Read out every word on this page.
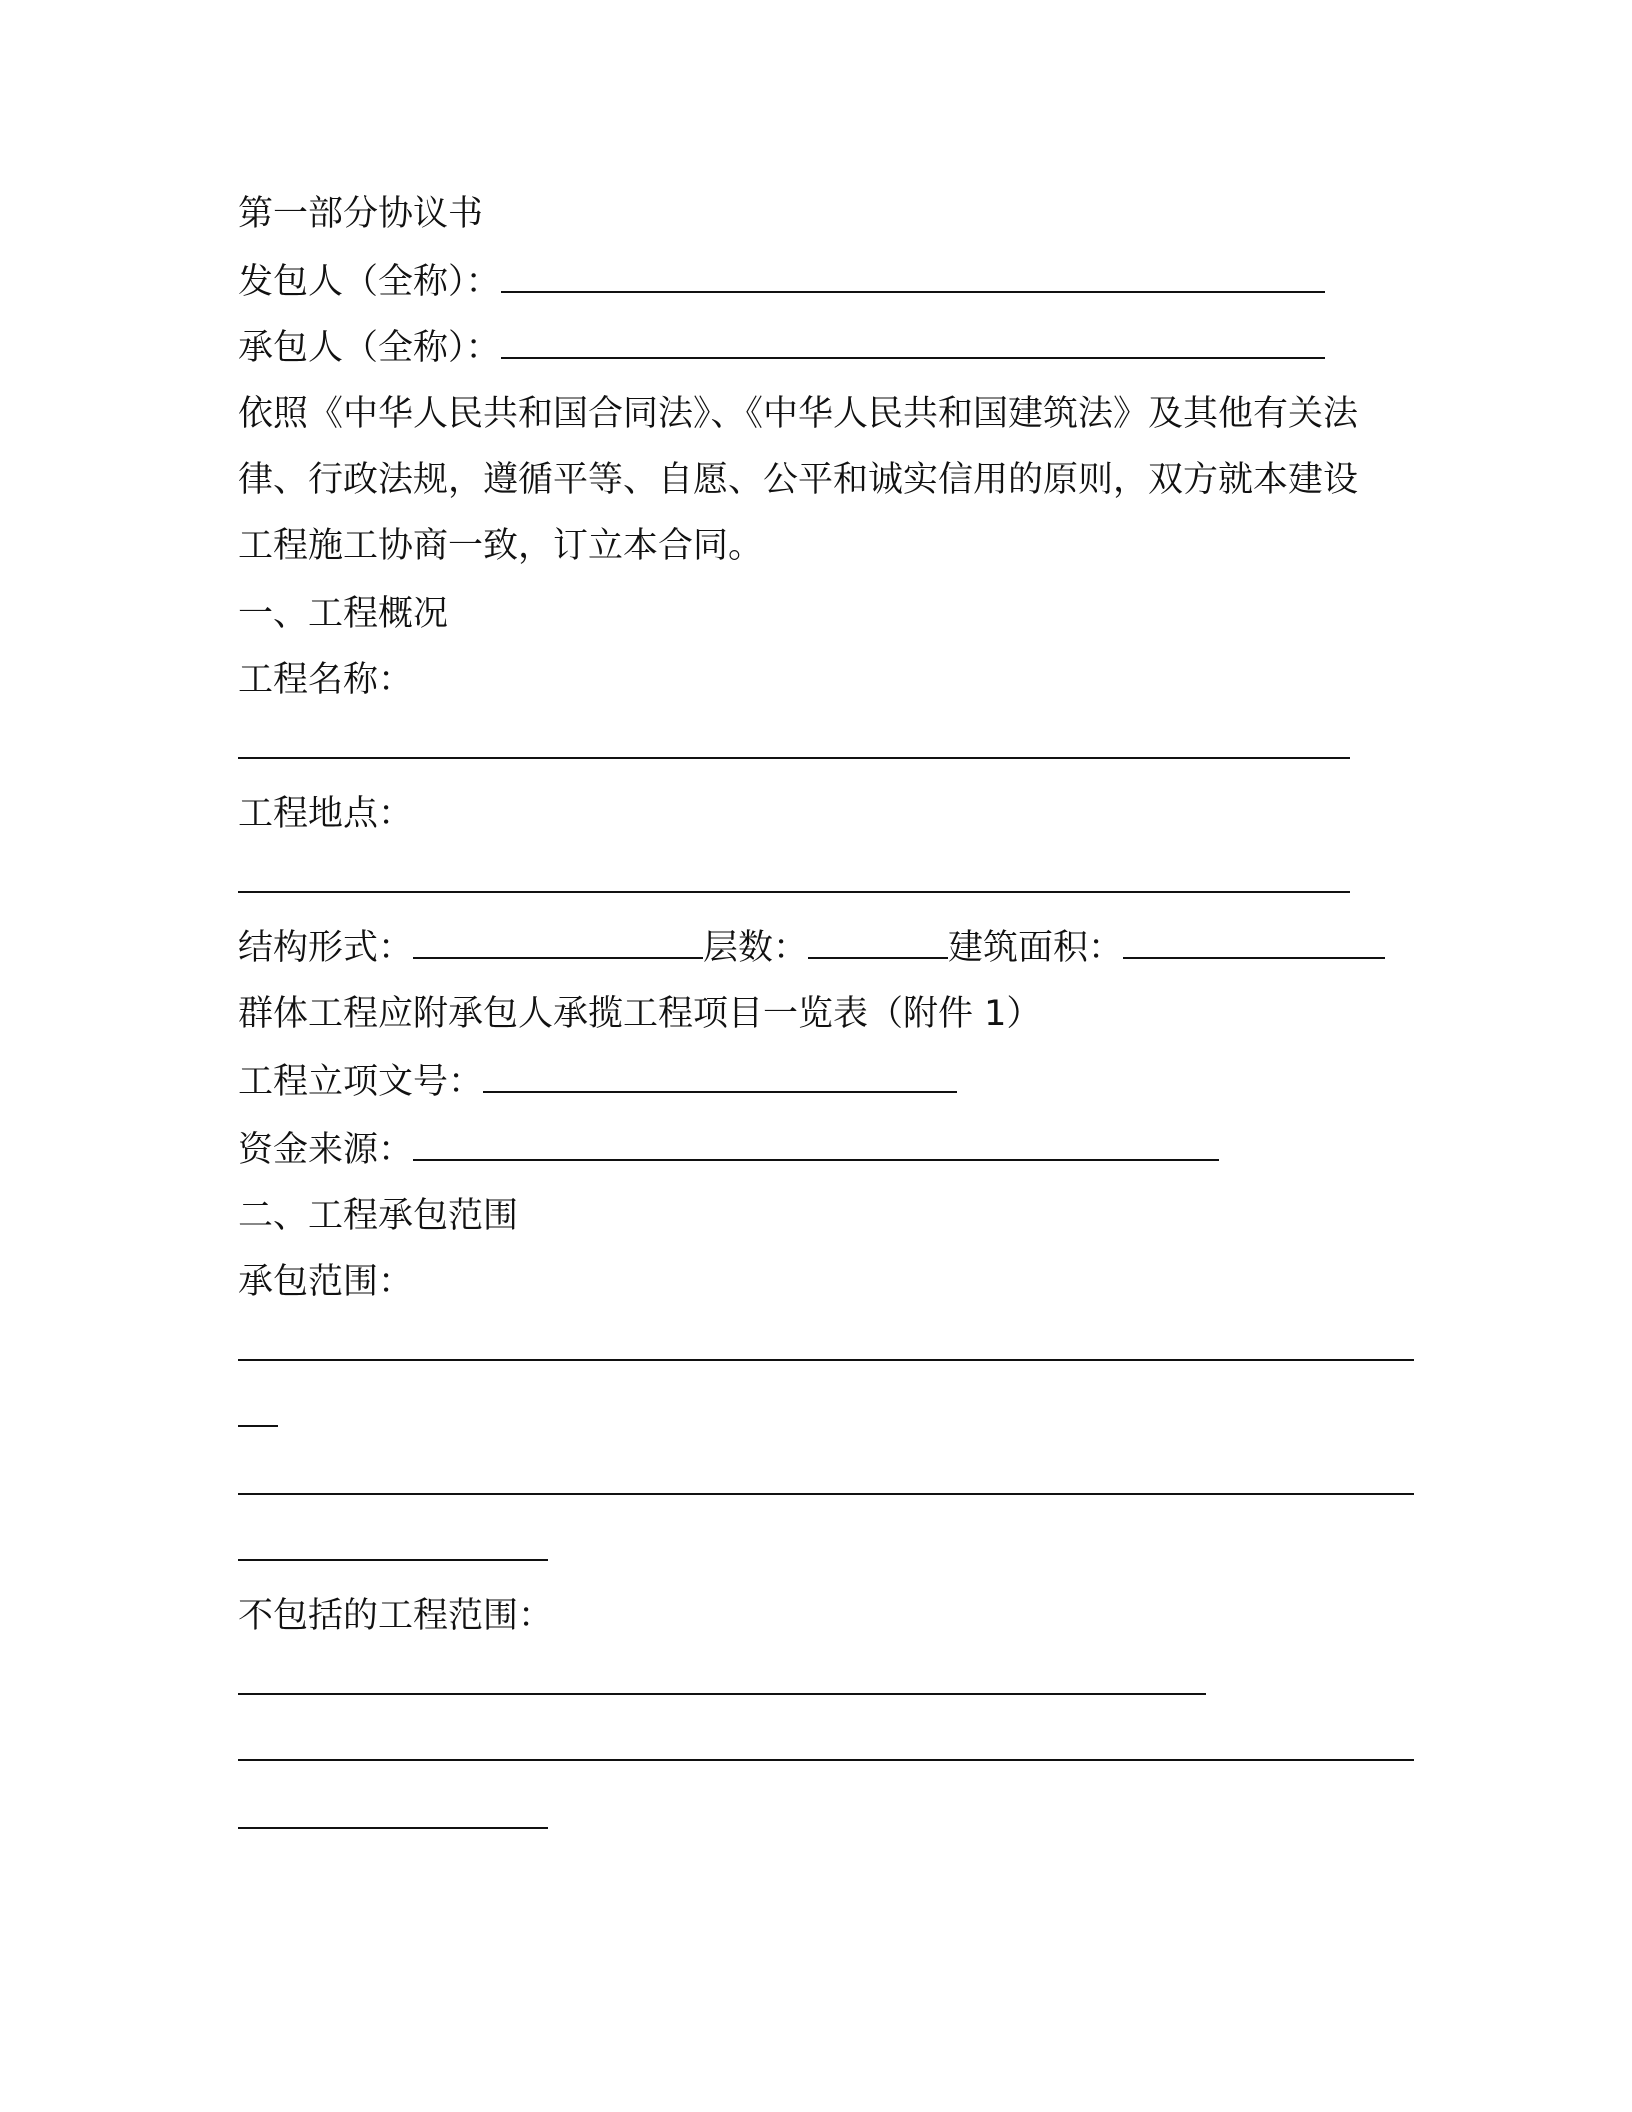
第一部分协议书
发包人（全称）：
承包人（全称）：
依照《中华人民共和国合同法》、《中华人民共和国建筑法》及其他有关法
律、行政法规，遵循平等、自愿、公平和诚实信用的原则，双方就本建设
工程施工协商一致，订立本合同。
一、工程概况
工程名称：
工程地点：
结构形式：	层数：	建筑面积：
群体工程应附承包人承揽工程项目一览表（附件 1）
工程立项文号：
资金来源：
二、工程承包范围
承包范围：
不包括的工程范围：
